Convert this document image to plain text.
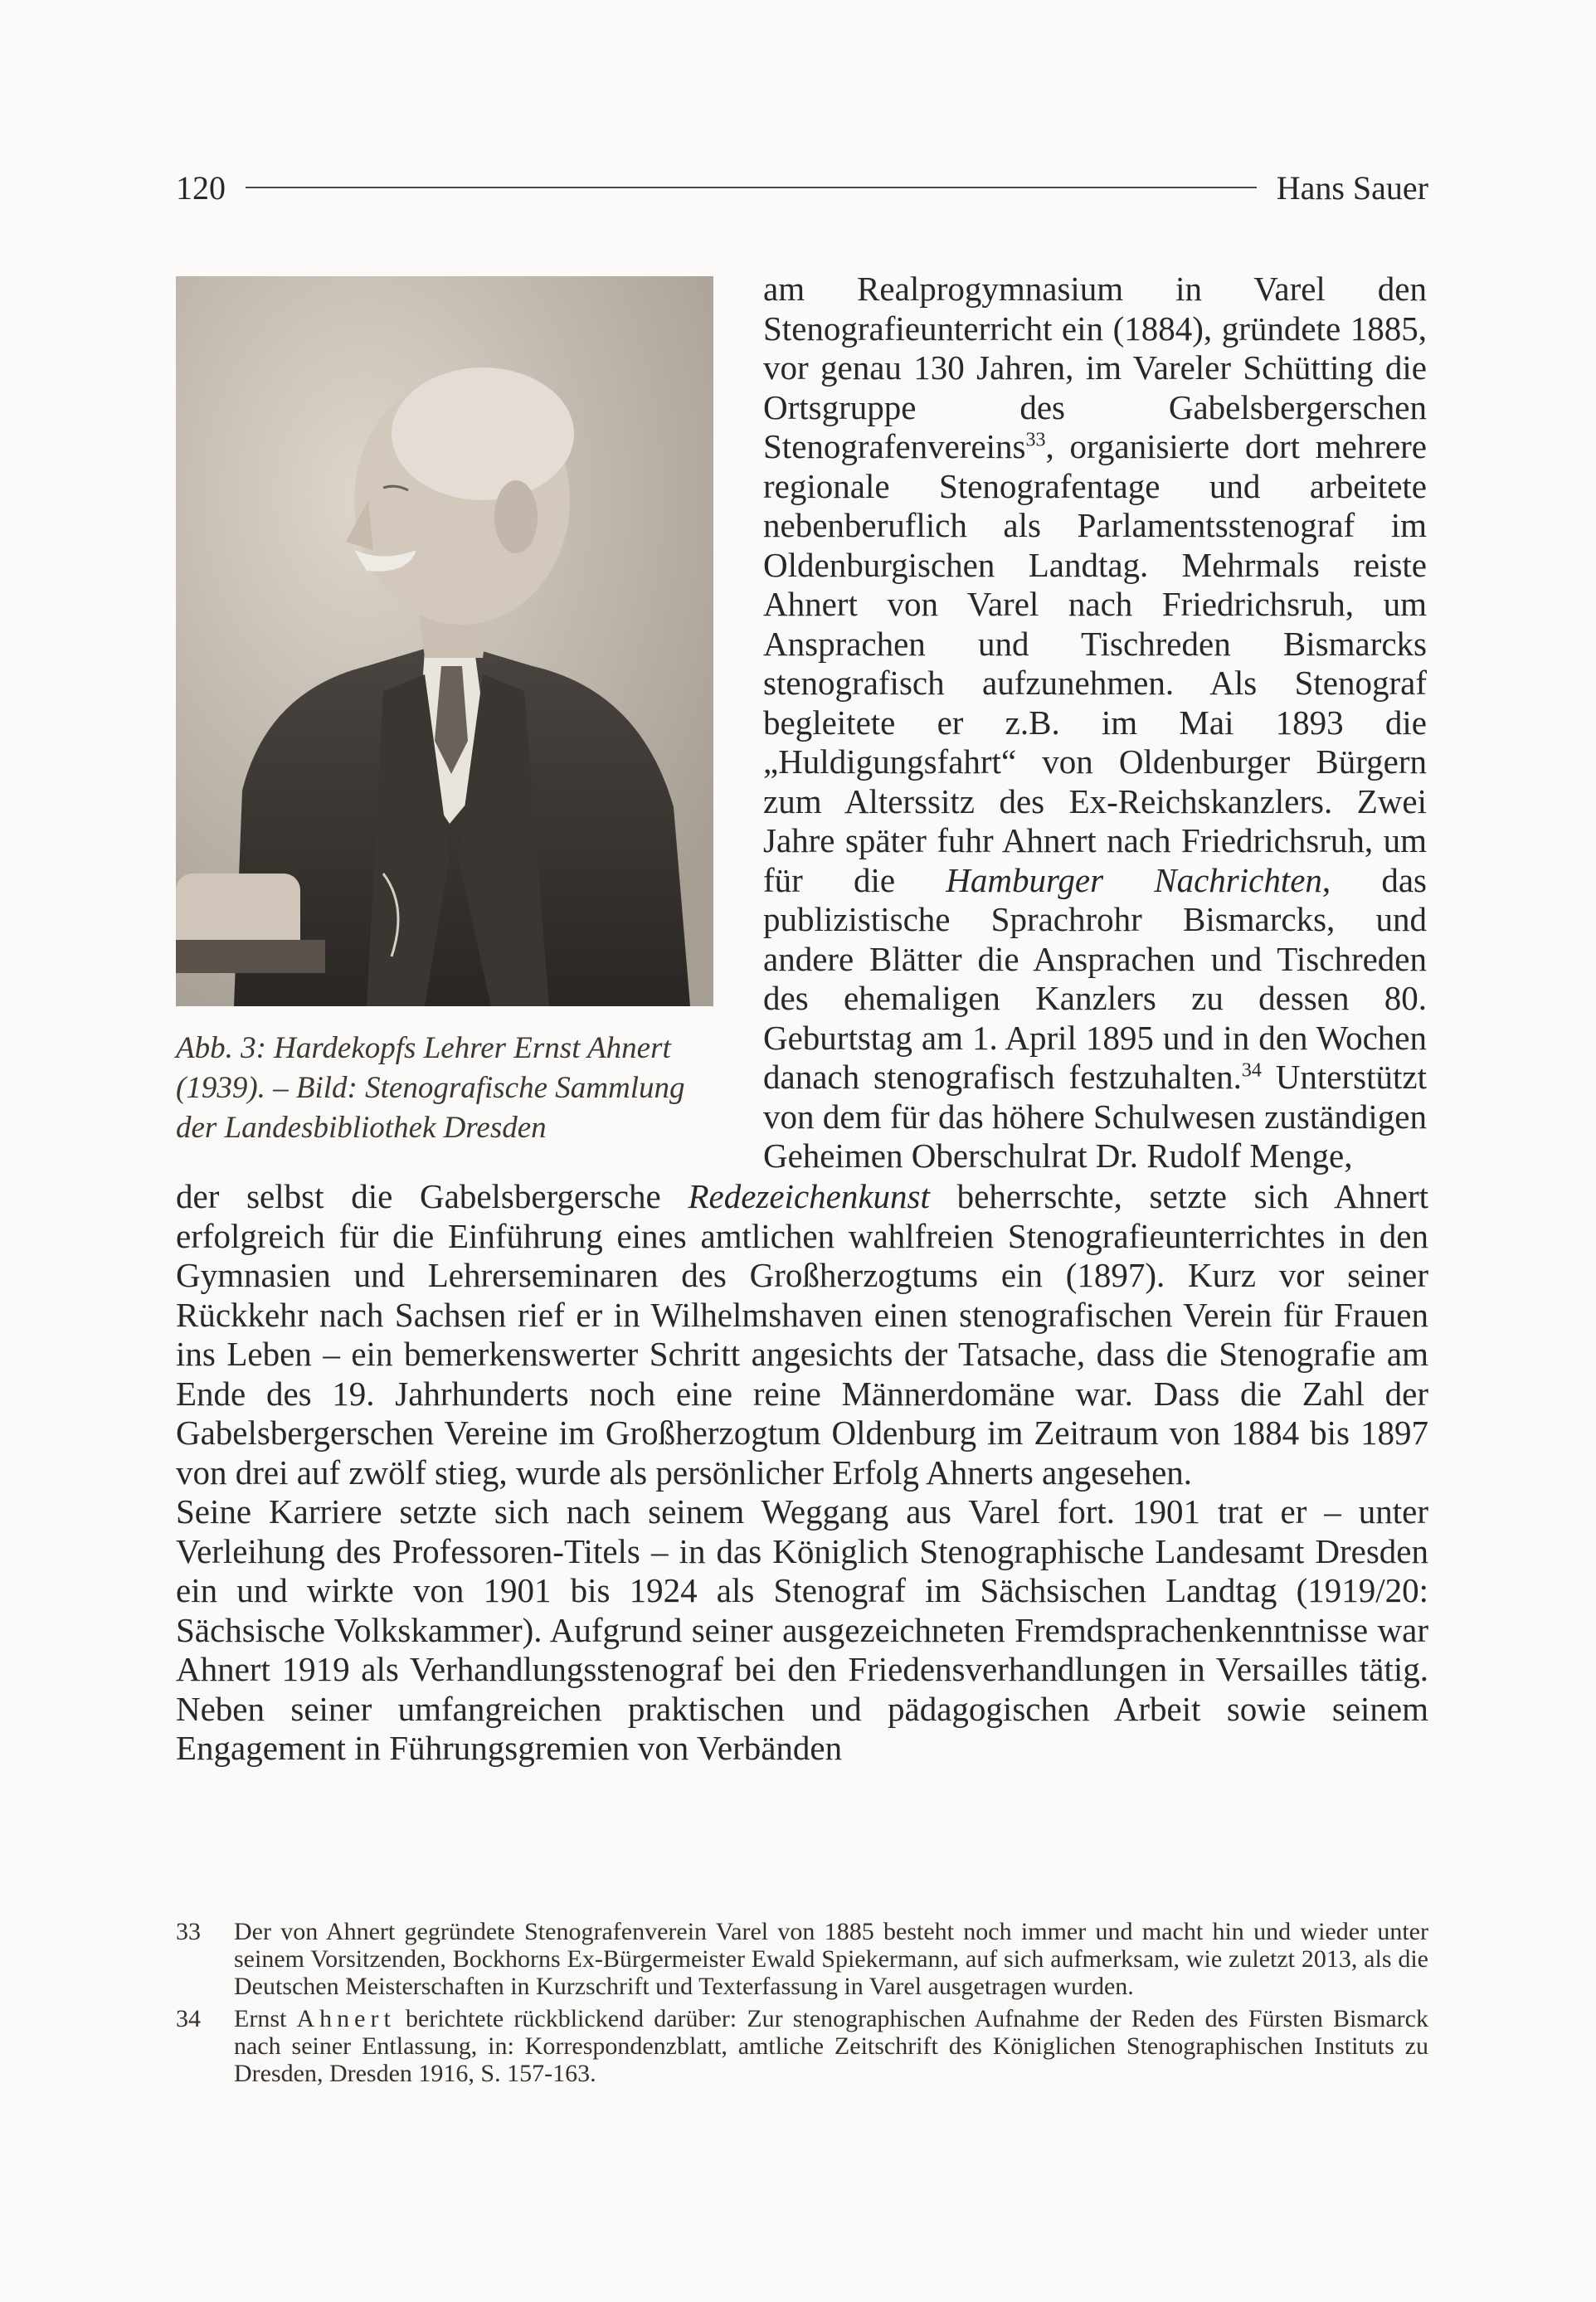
120	Hans Sauer
Abb. 3: Hardekopfs Lehrer Ernst Ahnert (1939). – Bild: Stenografische Sammlung der Landesbibliothek Dresden

am Realprogymnasium in Varel den Stenografieunterricht ein (1884), gründete 1885, vor genau 130 Jahren, im Vareler Schütting die Ortsgruppe des Gabelsbergerschen Stenografenvereins$^{33}$, organisierte dort mehrere regionale Stenografentage und arbeitete nebenberuflich als Parlamentsstenograf im Oldenburgischen Landtag. Mehrmals reiste Ahnert von Varel nach Friedrichsruh, um Ansprachen und Tischreden Bismarcks stenografisch aufzunehmen. Als Stenograf begleitete er z.B. im Mai 1893 die „Huldigungsfahrt“ von Oldenburger Bürgern zum Alterssitz des Ex-Reichskanzlers. Zwei Jahre später fuhr Ahnert nach Friedrichsruh, um für die Hamburger Nachrichten, das publizistische Sprachrohr Bismarcks, und andere Blätter die Ansprachen und Tischreden des ehemaligen Kanzlers zu dessen 80. Geburtstag am 1. April 1895 und in den Wochen danach stenografisch festzuhalten.$^{34}$ Unterstützt von dem für das höhere Schulwesen zuständigen Geheimen Oberschulrat Dr. Rudolf Menge,

der selbst die Gabelsbergersche Redezeichenkunst beherrschte, setzte sich Ahnert erfolgreich für die Einführung eines amtlichen wahlfreien Stenografieunterrichtes in den Gymnasien und Lehrerseminaren des Großherzogtums ein (1897). Kurz vor seiner Rückkehr nach Sachsen rief er in Wilhelmshaven einen stenografischen Verein für Frauen ins Leben – ein bemerkenswerter Schritt angesichts der Tatsache, dass die Stenografie am Ende des 19. Jahrhunderts noch eine reine Männerdomäne war. Dass die Zahl der Gabelsbergerschen Vereine im Großherzogtum Oldenburg im Zeitraum von 1884 bis 1897 von drei auf zwölf stieg, wurde als persönlicher Erfolg Ahnerts angesehen.

Seine Karriere setzte sich nach seinem Weggang aus Varel fort. 1901 trat er – unter Verleihung des Professoren-Titels – in das Königlich Stenographische Landesamt Dresden ein und wirkte von 1901 bis 1924 als Stenograf im Sächsischen Landtag (1919/20: Sächsische Volkskammer). Aufgrund seiner ausgezeichneten Fremdsprachenkenntnisse war Ahnert 1919 als Verhandlungsstenograf bei den Friedensverhandlungen in Versailles tätig. Neben seiner umfangreichen praktischen und pädagogischen Arbeit sowie seinem Engagement in Führungsgremien von Verbänden

33	Der von Ahnert gegründete Stenografenverein Varel von 1885 besteht noch immer und macht hin und wieder unter seinem Vorsitzenden, Bockhorns Ex-Bürgermeister Ewald Spiekermann, auf sich aufmerksam, wie zuletzt 2013, als die Deutschen Meisterschaften in Kurzschrift und Texterfassung in Varel ausgetragen wurden.
34	Ernst Ahnert berichtete rückblickend darüber: Zur stenographischen Aufnahme der Reden des Fürsten Bismarck nach seiner Entlassung, in: Korrespondenzblatt, amtliche Zeitschrift des Königlichen Stenographischen Instituts zu Dresden, Dresden 1916, S. 157-163.
